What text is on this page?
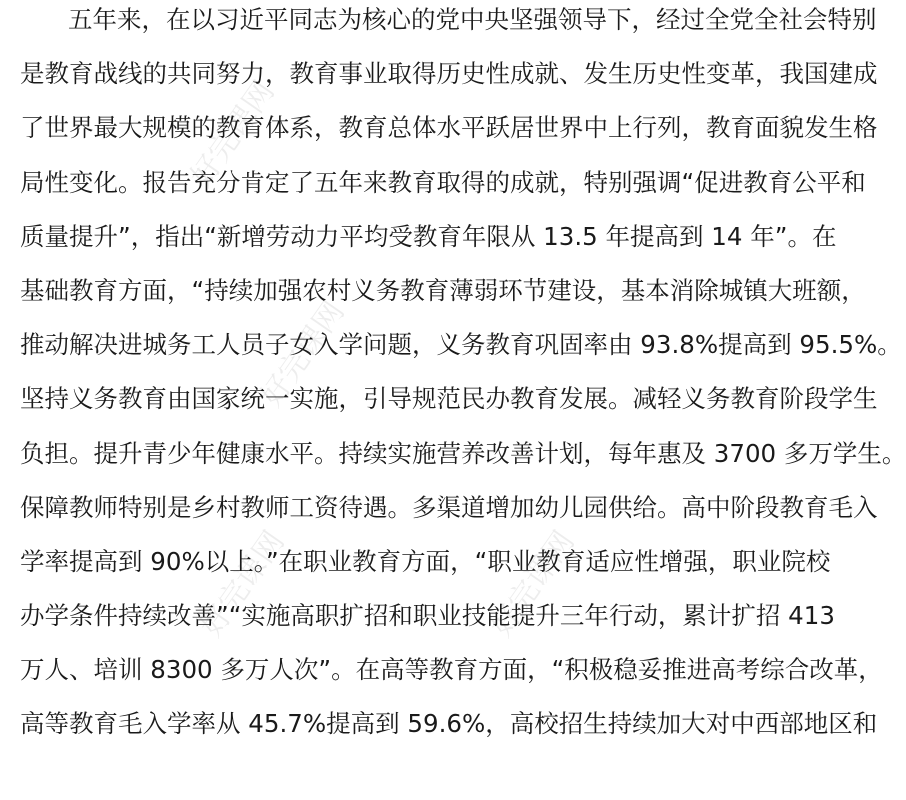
好完课网
好完课网
好完课网	好完课网
五年来，在以习近平同志为核心的党中央坚强领导下，经过全党全社会特别
是教育战线的共同努力，教育事业取得历史性成就、发生历史性变革，我国建成
了世界最大规模的教育体系，教育总体水平跃居世界中上行列，教育面貌发生格
局性变化。报告充分肯定了五年来教育取得的成就，特别强调“促进教育公平和
质量提升”，指出“新增劳动力平均受教育年限从 13.5 年提高到 14 年”。在
基础教育方面，“持续加强农村义务教育薄弱环节建设，基本消除城镇大班额，
推动解决进城务工人员子女入学问题，义务教育巩固率由 93.8%提高到 95.5%。
坚持义务教育由国家统一实施，引导规范民办教育发展。减轻义务教育阶段学生
负担。提升青少年健康水平。持续实施营养改善计划，每年惠及 3700 多万学生。
保障教师特别是乡村教师工资待遇。多渠道增加幼儿园供给。高中阶段教育毛入
学率提高到 90%以上。”在职业教育方面，“职业教育适应性增强，职业院校
办学条件持续改善”“实施高职扩招和职业技能提升三年行动，累计扩招 413
万人、培训 8300 多万人次”。在高等教育方面，“积极稳妥推进高考综合改革，
高等教育毛入学率从 45.7%提高到 59.6%，高校招生持续加大对中西部地区和
